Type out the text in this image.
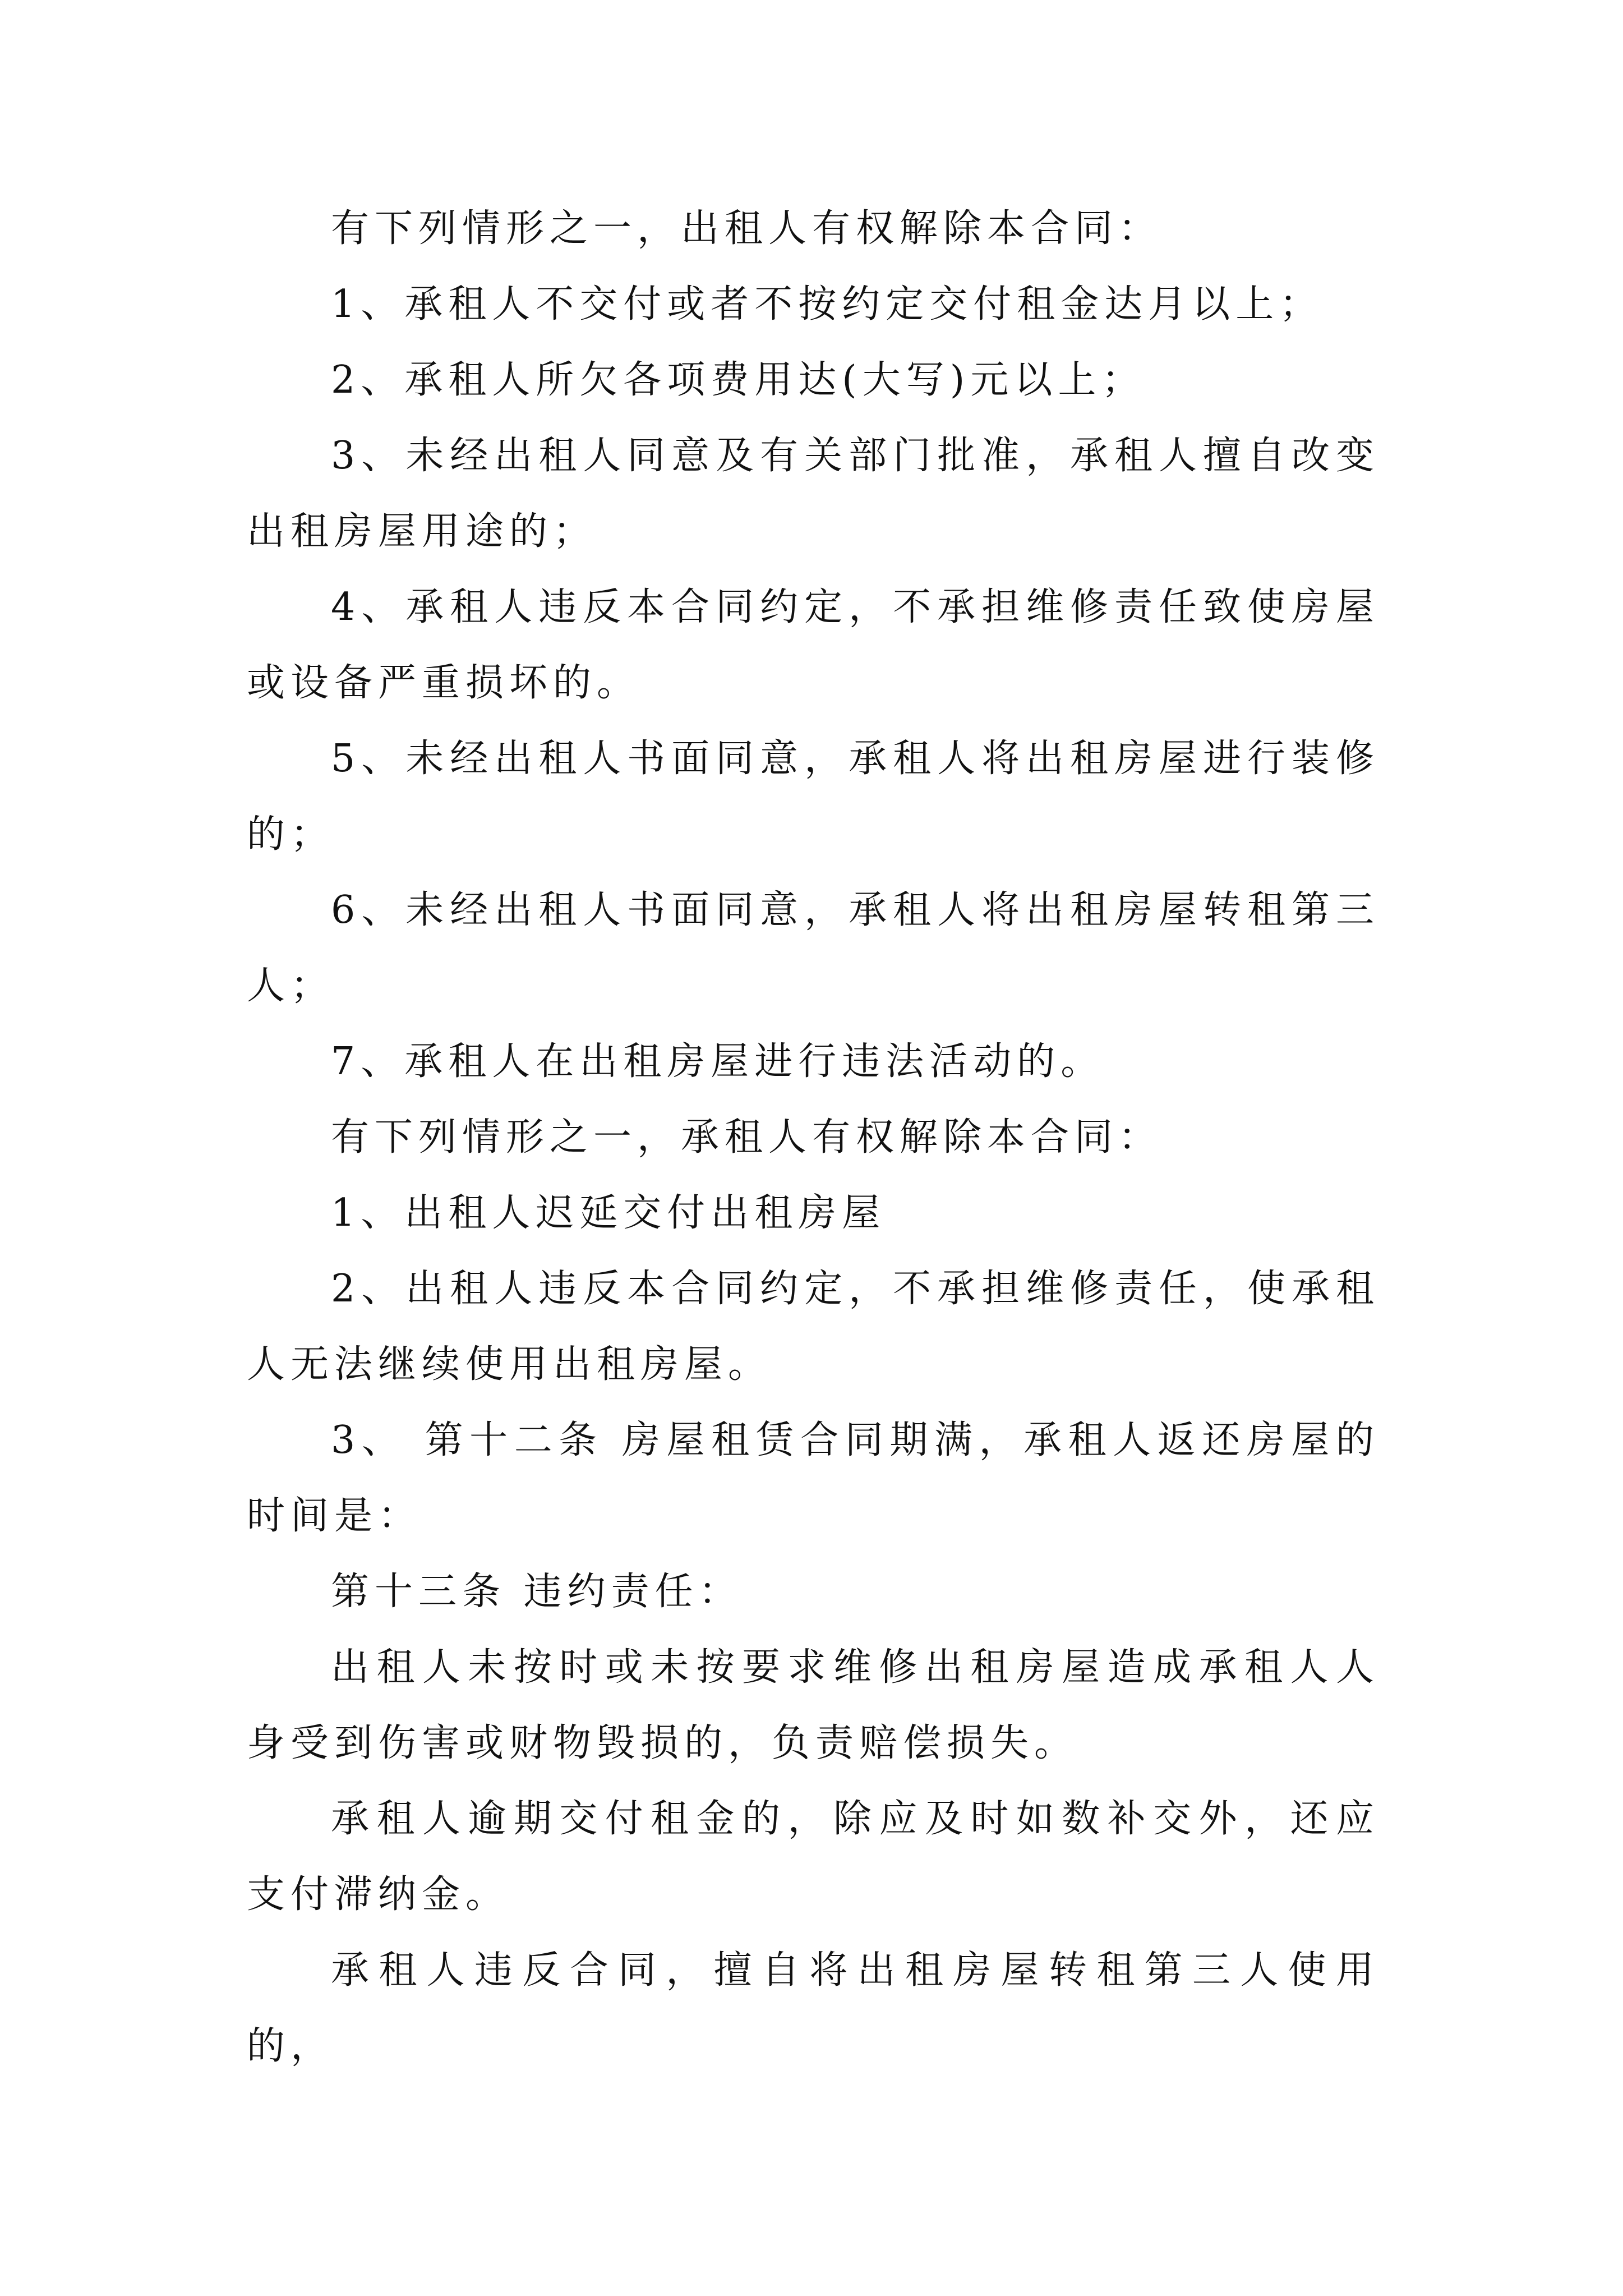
有下列情形之一，出租人有权解除本合同：

1、承租人不交付或者不按约定交付租金达月以上；

2、承租人所欠各项费用达(大写)元以上；

3、未经出租人同意及有关部门批准，承租人擅自改变出租房屋用途的；

4、承租人违反本合同约定，不承担维修责任致使房屋或设备严重损坏的。

5、未经出租人书面同意，承租人将出租房屋进行装修的；

6、未经出租人书面同意，承租人将出租房屋转租第三人；

7、承租人在出租房屋进行违法活动的。

有下列情形之一，承租人有权解除本合同：

1、出租人迟延交付出租房屋

2、出租人违反本合同约定，不承担维修责任，使承租人无法继续使用出租房屋。

3、 第十二条 房屋租赁合同期满，承租人返还房屋的时间是：

第十三条 违约责任：

出租人未按时或未按要求维修出租房屋造成承租人人身受到伤害或财物毁损的，负责赔偿损失。

承租人逾期交付租金的，除应及时如数补交外，还应支付滞纳金。

承租人违反合同，擅自将出租房屋转租第三人使用的，
